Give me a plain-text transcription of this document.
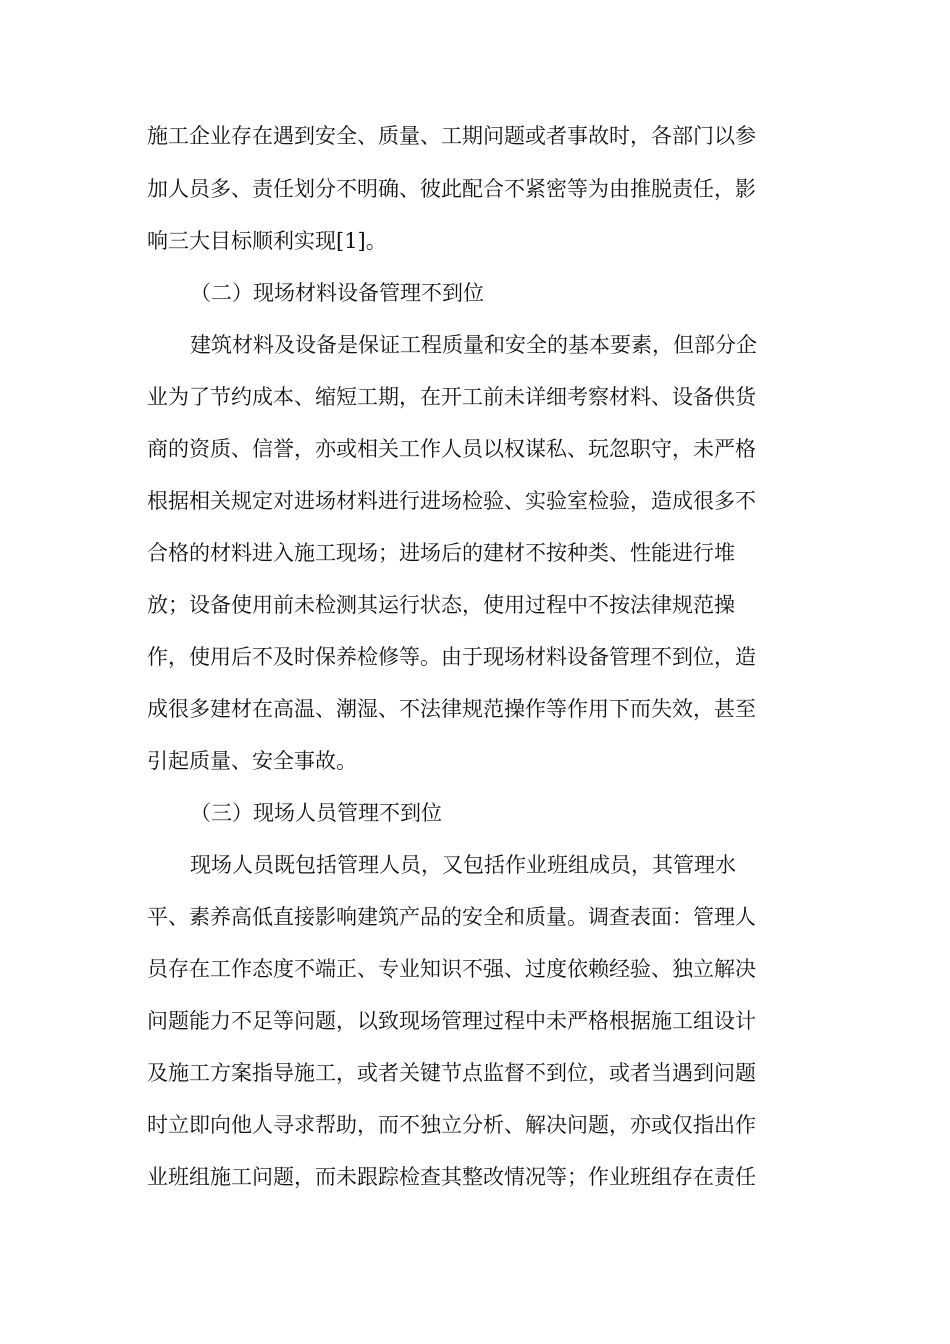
施工企业存在遇到安全、质量、工期问题或者事故时，各部门以参
加人员多、责任划分不明确、彼此配合不紧密等为由推脱责任，影
响三大目标顺利实现[1]。
（二）现场材料设备管理不到位
建筑材料及设备是保证工程质量和安全的基本要素，但部分企
业为了节约成本、缩短工期，在开工前未详细考察材料、设备供货
商的资质、信誉，亦或相关工作人员以权谋私、玩忽职守，未严格
根据相关规定对进场材料进行进场检验、实验室检验，造成很多不
合格的材料进入施工现场；进场后的建材不按种类、性能进行堆
放；设备使用前未检测其运行状态，使用过程中不按法律规范操
作，使用后不及时保养检修等。由于现场材料设备管理不到位，造
成很多建材在高温、潮湿、不法律规范操作等作用下而失效，甚至
引起质量、安全事故。
（三）现场人员管理不到位
现场人员既包括管理人员，又包括作业班组成员，其管理水
平、素养高低直接影响建筑产品的安全和质量。调查表面：管理人
员存在工作态度不端正、专业知识不强、过度依赖经验、独立解决
问题能力不足等问题，以致现场管理过程中未严格根据施工组设计
及施工方案指导施工，或者关键节点监督不到位，或者当遇到问题
时立即向他人寻求帮助，而不独立分析、解决问题，亦或仅指出作
业班组施工问题，而未跟踪检查其整改情况等；作业班组存在责任
